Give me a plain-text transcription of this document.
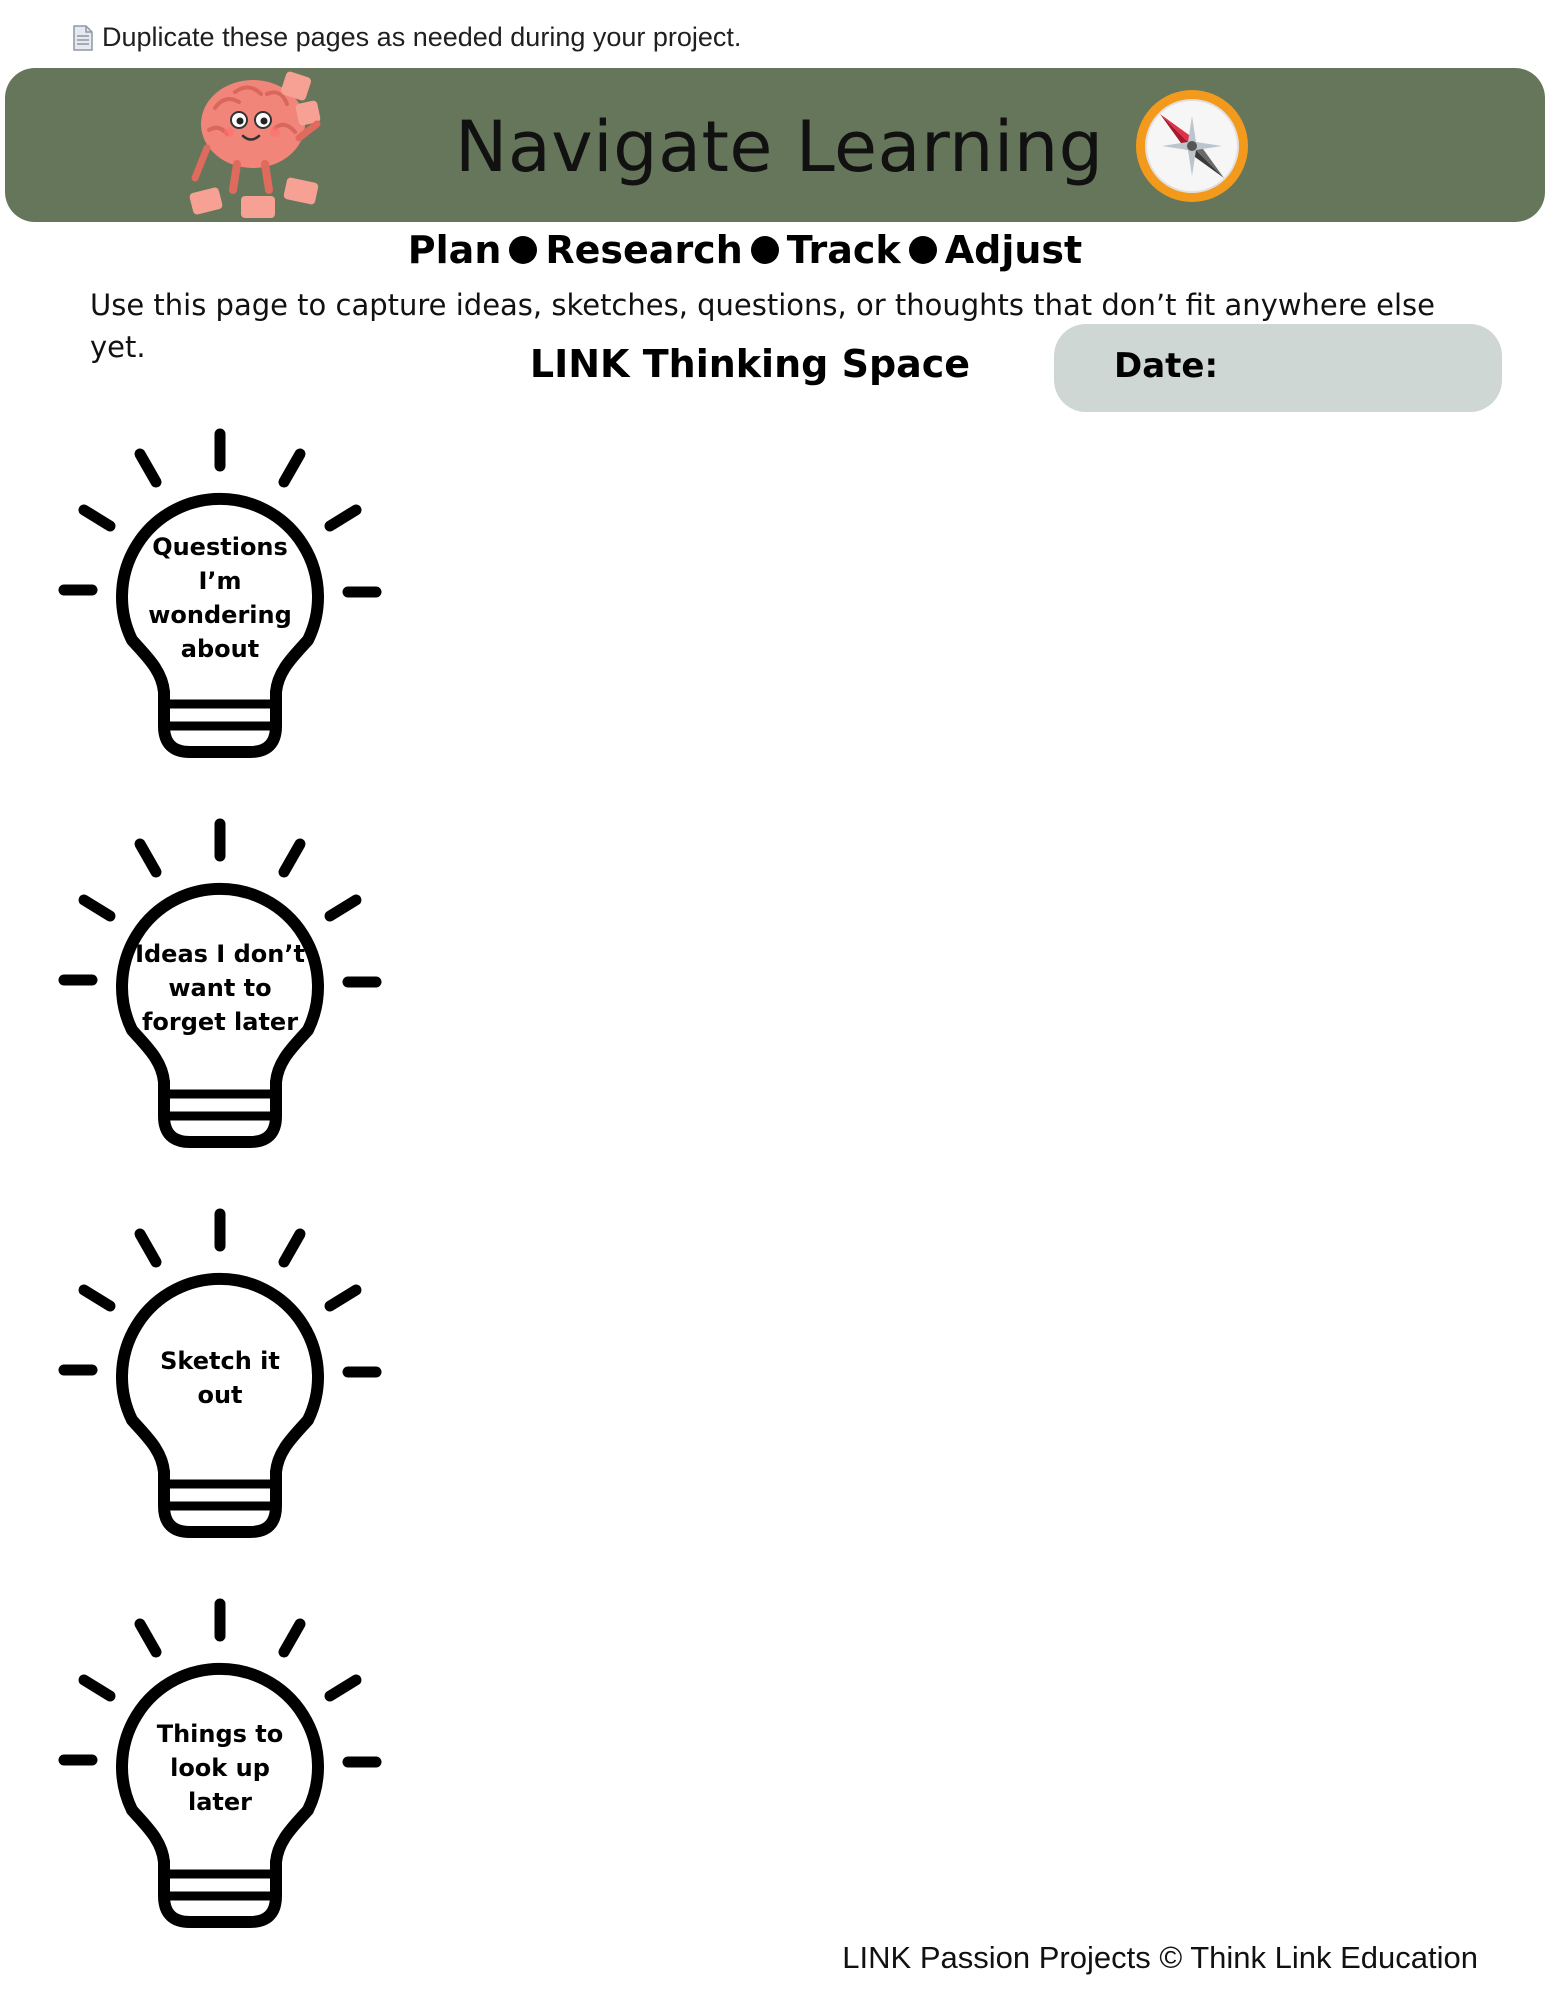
Duplicate these pages as needed during your project.
Navigate Learning
Plan Research Track Adjust
Use this page to capture ideas, sketches, questions, or thoughts that don’t fit anywhere else yet.	LINK Thinking Space	Date:
Questions
I’m
wondering
about
Ideas I don’t
want to
forget later
Sketch it
out
Things to
look up
later
LINK Passion Projects © Think Link Education
